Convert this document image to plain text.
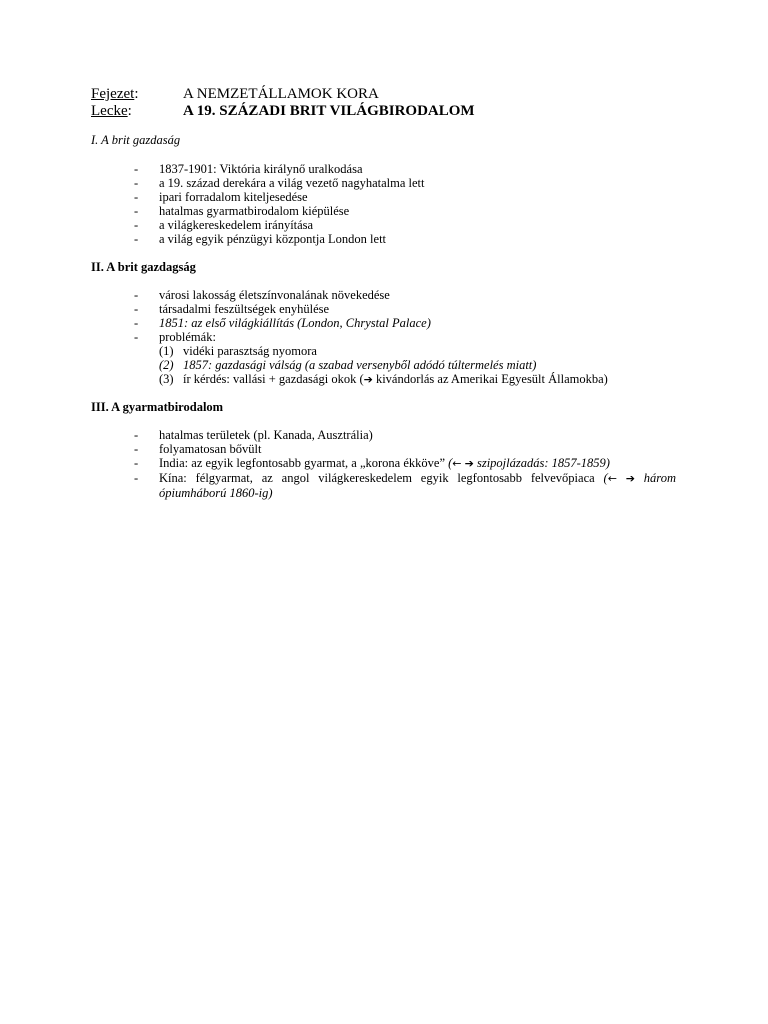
Fejezet:	A NEMZETÁLLAMOK KORA
Lecke:	A 19. SZÁZADI BRIT VILÁGBIRODALOM

I. A brit gazdaság

-	1837-1901: Viktória királynő uralkodása
-	a 19. század derekára a világ vezető nagyhatalma lett
-	ipari forradalom kiteljesedése
-	hatalmas gyarmatbirodalom kiépülése
-	a világkereskedelem irányítása
-	a világ egyik pénzügyi központja London lett

II. A brit gazdagság

-	városi lakosság életszínvonalának növekedése
-	társadalmi feszültségek enyhülése
-	1851: az első világkiállítás (London, Chrystal Palace)
-	problémák:
(1) vidéki parasztság nyomora
(2) 1857: gazdasági válság (a szabad versenyből adódó túltermelés miatt)
(3) ír kérdés: vallási + gazdasági okok (➔ kivándorlás az Amerikai Egyesült Államokba)

III. A gyarmatbirodalom

-	hatalmas területek (pl. Kanada, Ausztrália)
-	folyamatosan bővült
-	India: az egyik legfontosabb gyarmat, a „korona ékköve” (← ➔ szipojlázadás: 1857-1859)
-	Kína: félgyarmat, az angol világkereskedelem egyik legfontosabb felvevőpiaca (← ➔ három
ópiumháború 1860-ig)
